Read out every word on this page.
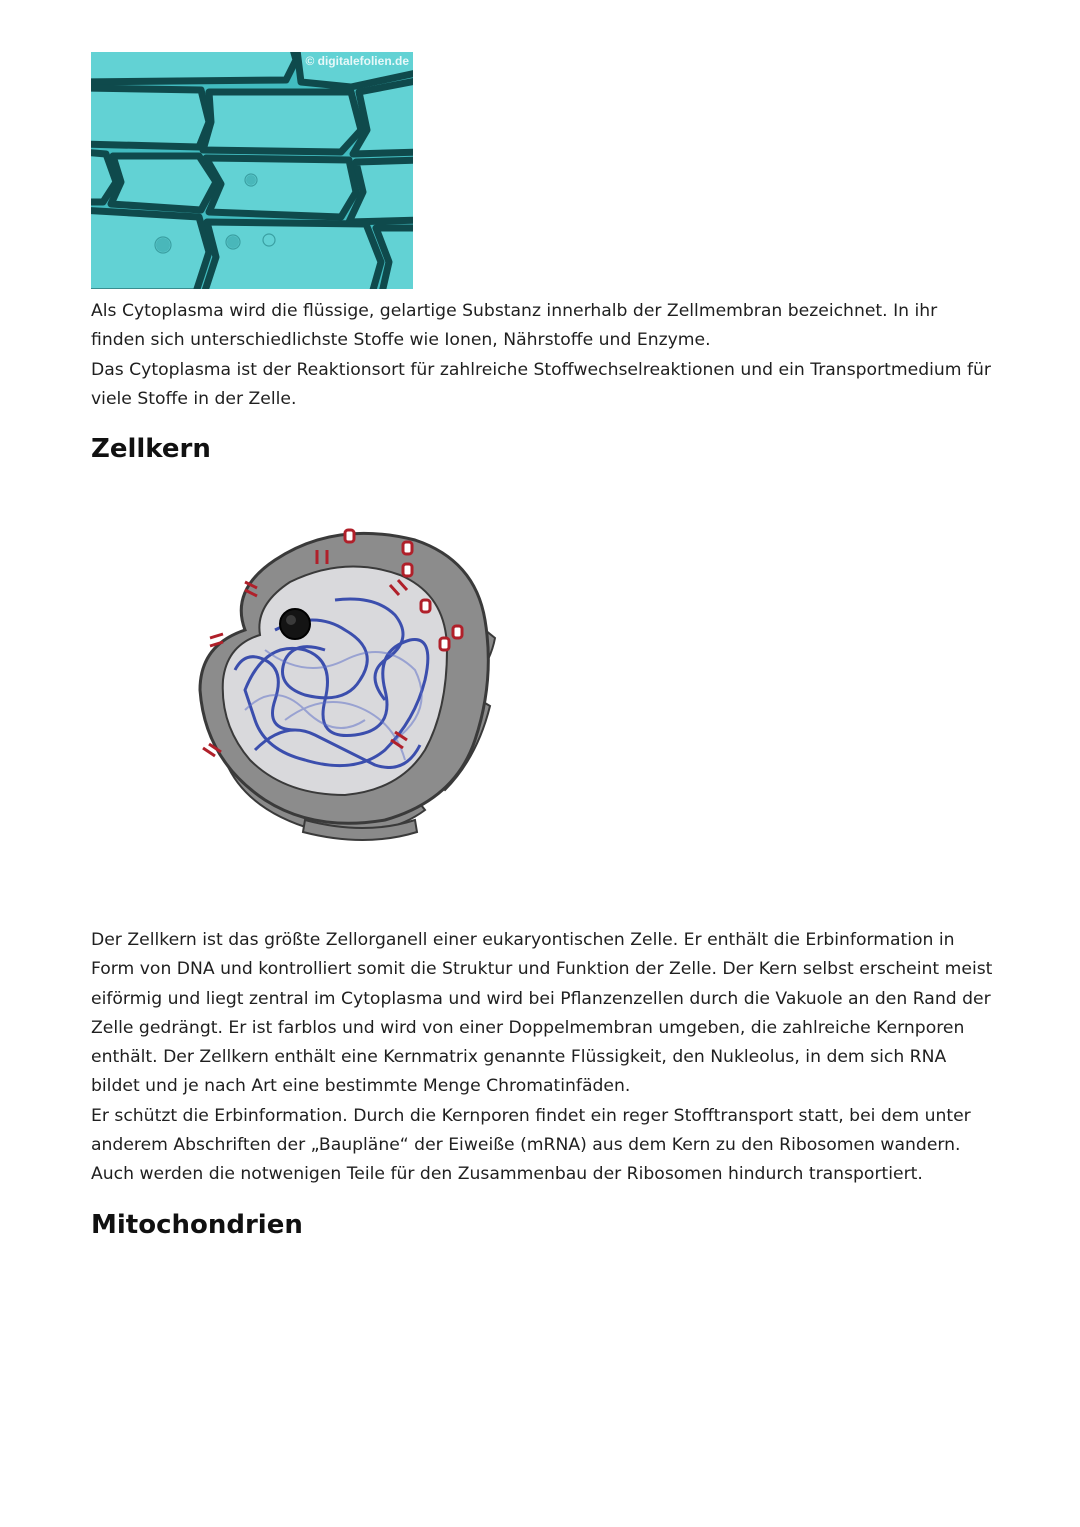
© digitalefolien.de

Als Cytoplasma wird die flüssige, gelartige Substanz innerhalb der Zellmembran bezeichnet. In ihr finden sich unterschiedlichste Stoffe wie Ionen, Nährstoffe und Enzyme.

Das Cytoplasma ist der Reaktionsort für zahlreiche Stoffwechselreaktionen und ein Transportmedium für viele Stoffe in der Zelle.

Zellkern

Der Zellkern ist das größte Zellorganell einer eukaryontischen Zelle. Er enthält die Erbinformation in Form von DNA und kontrolliert somit die Struktur und Funktion der Zelle. Der Kern selbst erscheint meist eiförmig und liegt zentral im Cytoplasma und wird bei Pflanzenzellen durch die Vakuole an den Rand der Zelle gedrängt. Er ist farblos und wird von einer Doppelmembran umgeben, die zahlreiche Kernporen enthält. Der Zellkern enthält eine Kernmatrix genannte Flüssigkeit, den Nukleolus, in dem sich RNA bildet und je nach Art eine bestimmte Menge Chromatinfäden.

Er schützt die Erbinformation. Durch die Kernporen findet ein reger Stofftransport statt, bei dem unter anderem Abschriften der „Baupläne“ der Eiweiße (mRNA) aus dem Kern zu den Ribosomen wandern. Auch werden die notwenigen Teile für den Zusammenbau der Ribosomen hindurch transportiert.

Mitochondrien
